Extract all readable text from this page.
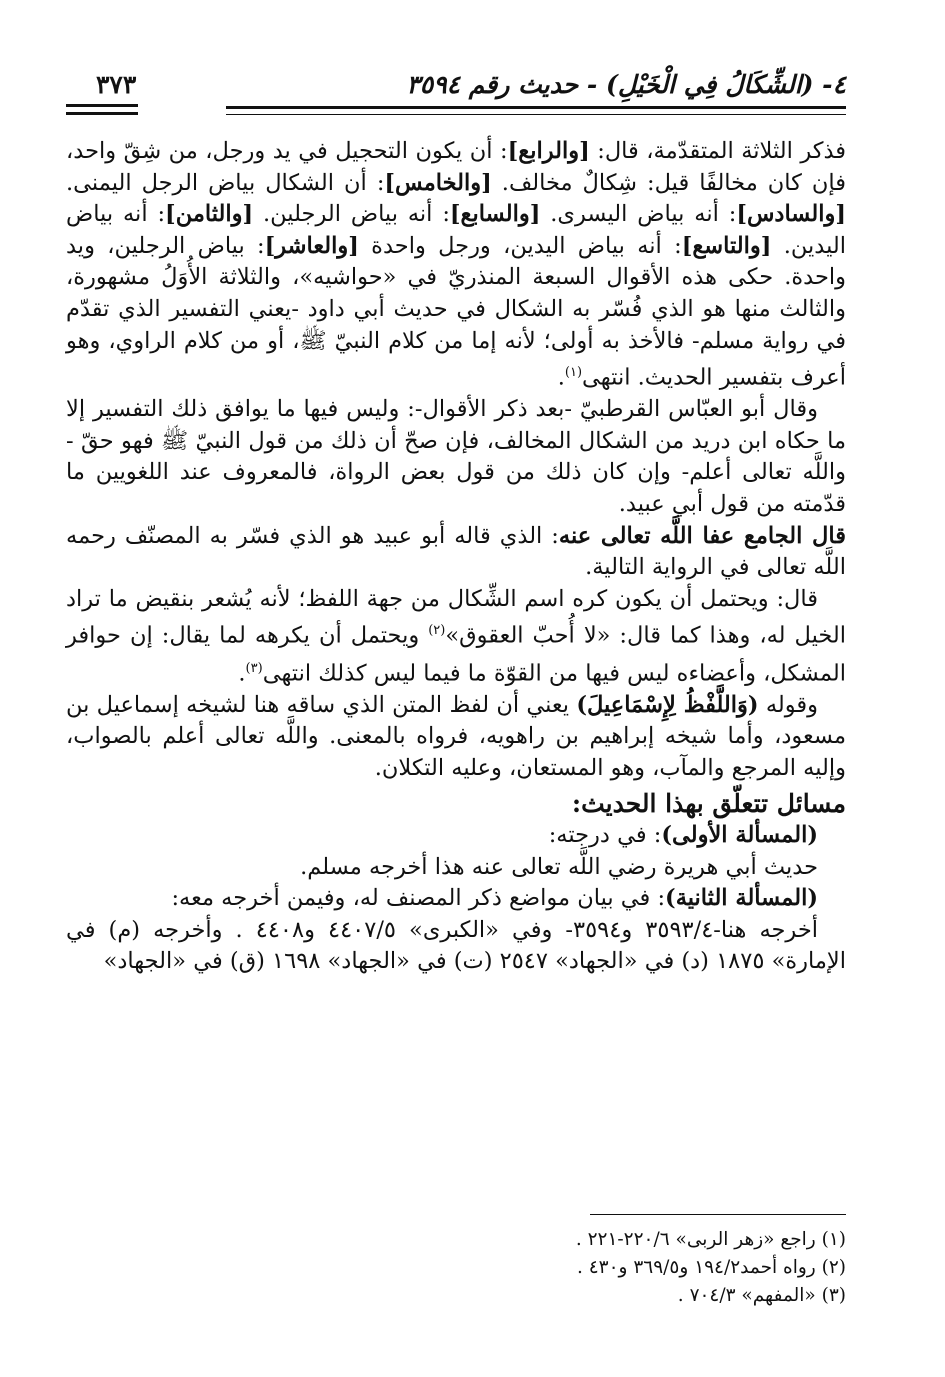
٤- (الشِّكَالُ فِي الْخَيْلِ) - حديث رقم ٣٥٩٤
٣٧٣

فذكر الثلاثة المتقدّمة، قال: [والرابع]: أن يكون التحجيل في يد ورجل، من شِقّ واحد، فإن كان مخالفًا قيل: شِكالٌ مخالف. [والخامس]: أن الشكال بياض الرجل اليمنى. [والسادس]: أنه بياض اليسرى. [والسابع]: أنه بياض الرجلين. [والثامن]: أنه بياض اليدين. [والتاسع]: أنه بياض اليدين، ورجل واحدة [والعاشر]: بياض الرجلين، ويد واحدة. حكى هذه الأقوال السبعة المنذريّ في «حواشيه»، والثلاثة الأُوَلُ مشهورة، والثالث منها هو الذي فُسّر به الشكال في حديث أبي داود -يعني التفسير الذي تقدّم في رواية مسلم- فالأخذ به أولى؛ لأنه إما من كلام النبيّ ﷺ، أو من كلام الراوي، وهو أعرف بتفسير الحديث. انتهى$^{(١)}$.

وقال أبو العبّاس القرطبيّ -بعد ذكر الأقوال-: وليس فيها ما يوافق ذلك التفسير إلا ما حكاه ابن دريد من الشكال المخالف، فإن صحّ أن ذلك من قول النبيّ ﷺ فهو حقّ - واللَّه تعالى أعلم- وإن كان ذلك من قول بعض الرواة، فالمعروف عند اللغويين ما قدّمته من قول أبي عبيد.

قال الجامع عفا اللَّه تعالى عنه: الذي قاله أبو عبيد هو الذي فسّر به المصنّف رحمه اللَّه تعالى في الرواية التالية.

قال: ويحتمل أن يكون كره اسم الشِّكال من جهة اللفظ؛ لأنه يُشعر بنقيض ما تراد الخيل له، وهذا كما قال: «لا أُحبّ العقوق»$^{(٢)}$ ويحتمل أن يكرهه لما يقال: إن حوافر المشكل، وأعضاءه ليس فيها من القوّة ما فيما ليس كذلك انتهى$^{(٣)}$.

وقوله (وَاللَّفْظُ لِإِسْمَاعِيلَ) يعني أن لفظ المتن الذي ساقه هنا لشيخه إسماعيل بن مسعود، وأما شيخه إبراهيم بن راهويه، فرواه بالمعنى. واللَّه تعالى أعلم بالصواب، وإليه المرجع والمآب، وهو المستعان، وعليه التكلان.

مسائل تتعلّق بهذا الحديث:

(المسألة الأولى): في درجته:

حديث أبي هريرة رضي اللَّه تعالى عنه هذا أخرجه مسلم.

(المسألة الثانية): في بيان مواضع ذكر المصنف له، وفيمن أخرجه معه:

أخرجه هنا-٣٥٩٣/٤ و٣٥٩٤- وفي «الكبرى» ٤٤٠٧/٥ و٤٤٠٨ . وأخرجه (م) في الإمارة» ١٨٧٥ (د) في «الجهاد» ٢٥٤٧ (ت) في «الجهاد» ١٦٩٨ (ق) في «الجهاد»

(١) راجع «زهر الربى» ٢٢٠/٦-٢٢١ .
(٢) رواه أحمد١٩٤/٢ و٣٦٩/٥ و٤٣٠ .
(٣) «المفهم» ٧٠٤/٣ .
